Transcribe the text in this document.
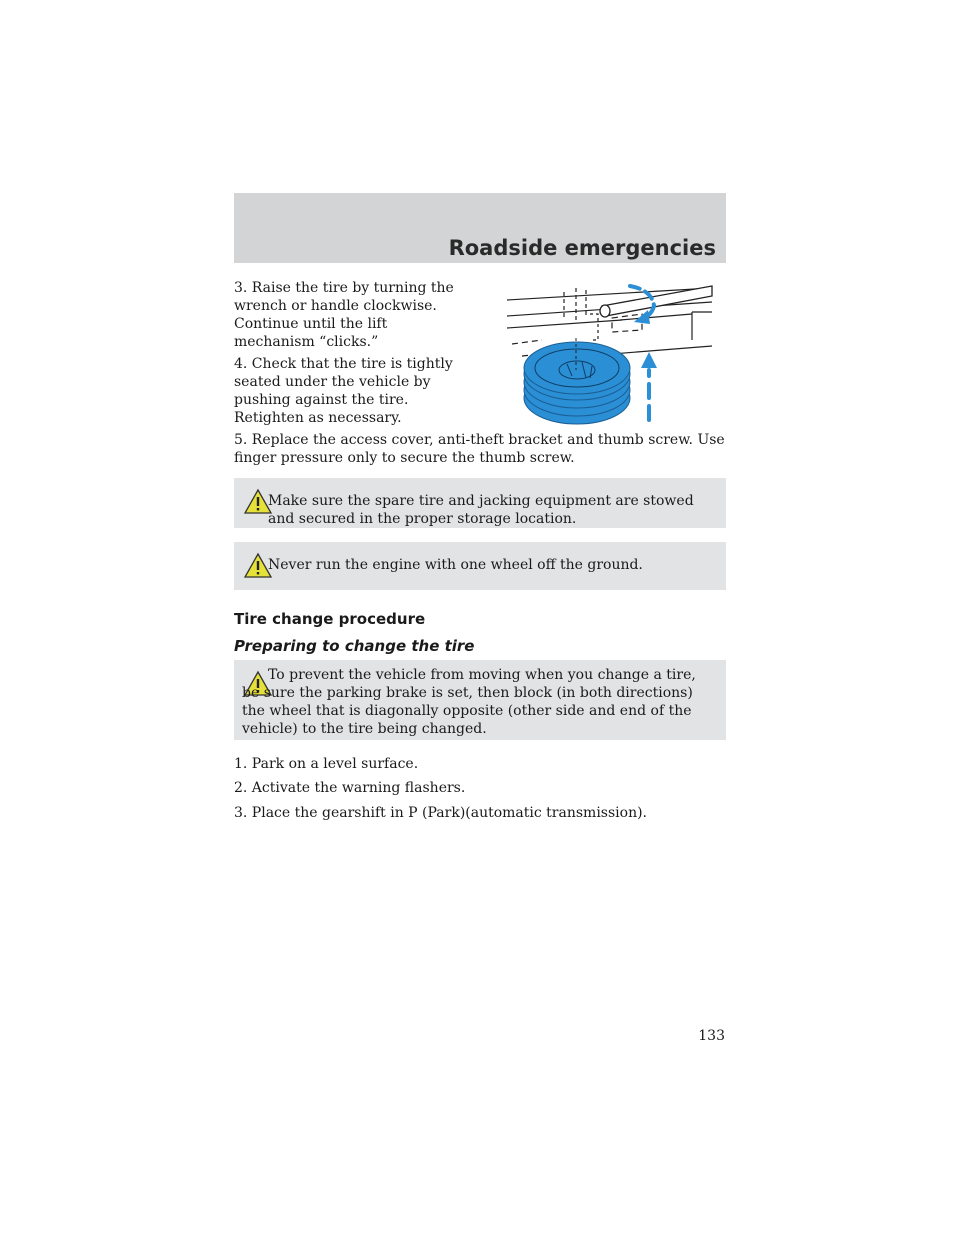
Roadside emergencies

3. Raise the tire by turning the wrench or handle clockwise. Continue until the lift mechanism “clicks.”

4. Check that the tire is tightly seated under the vehicle by pushing against the tire. Retighten as necessary.

5. Replace the access cover, anti-theft bracket and thumb screw. Use finger pressure only to secure the thumb screw.

Make sure the spare tire and jacking equipment are stowed and secured in the proper storage location.
Never run the engine with one wheel off the ground.
Tire change procedure
Preparing to change the tire
To prevent the vehicle from moving when you change a tire, be sure the parking brake is set, then block (in both directions) the wheel that is diagonally opposite (other side and end of the vehicle) to the tire being changed.

1. Park on a level surface.

2. Activate the warning flashers.

3. Place the gearshift in P (Park)(automatic transmission).

133
